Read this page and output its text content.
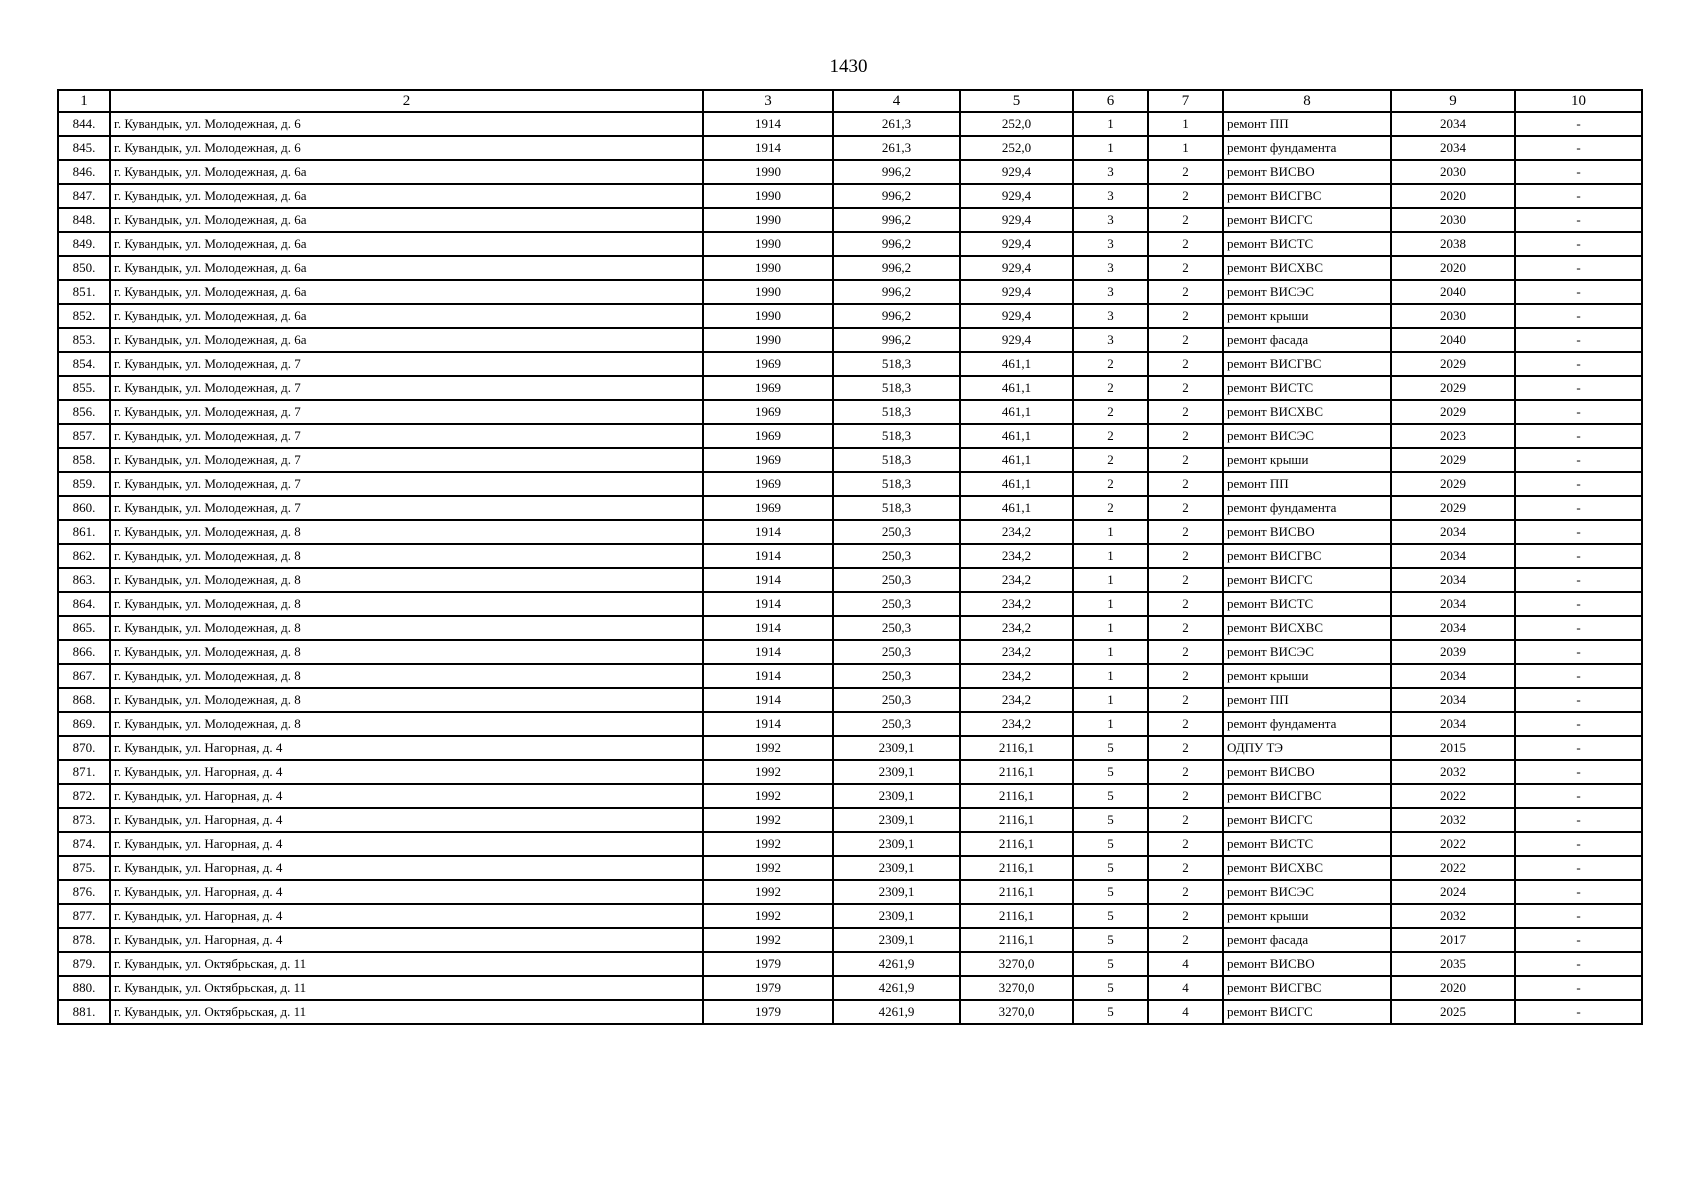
1430
1	2	3	4	5	6	7	8	9	10
844.	г. Кувандык, ул. Молодежная, д. 6	1914	261,3	252,0	1	1	ремонт ПП	2034	-
845.	г. Кувандык, ул. Молодежная, д. 6	1914	261,3	252,0	1	1	ремонт фундамента	2034	-
846.	г. Кувандык, ул. Молодежная, д. 6а	1990	996,2	929,4	3	2	ремонт ВИСВО	2030	-
847.	г. Кувандык, ул. Молодежная, д. 6а	1990	996,2	929,4	3	2	ремонт ВИСГВС	2020	-
848.	г. Кувандык, ул. Молодежная, д. 6а	1990	996,2	929,4	3	2	ремонт ВИСГС	2030	-
849.	г. Кувандык, ул. Молодежная, д. 6а	1990	996,2	929,4	3	2	ремонт ВИСТС	2038	-
850.	г. Кувандык, ул. Молодежная, д. 6а	1990	996,2	929,4	3	2	ремонт ВИСХВС	2020	-
851.	г. Кувандык, ул. Молодежная, д. 6а	1990	996,2	929,4	3	2	ремонт ВИСЭС	2040	-
852.	г. Кувандык, ул. Молодежная, д. 6а	1990	996,2	929,4	3	2	ремонт крыши	2030	-
853.	г. Кувандык, ул. Молодежная, д. 6а	1990	996,2	929,4	3	2	ремонт фасада	2040	-
854.	г. Кувандык, ул. Молодежная, д. 7	1969	518,3	461,1	2	2	ремонт ВИСГВС	2029	-
855.	г. Кувандык, ул. Молодежная, д. 7	1969	518,3	461,1	2	2	ремонт ВИСТС	2029	-
856.	г. Кувандык, ул. Молодежная, д. 7	1969	518,3	461,1	2	2	ремонт ВИСХВС	2029	-
857.	г. Кувандык, ул. Молодежная, д. 7	1969	518,3	461,1	2	2	ремонт ВИСЭС	2023	-
858.	г. Кувандык, ул. Молодежная, д. 7	1969	518,3	461,1	2	2	ремонт крыши	2029	-
859.	г. Кувандык, ул. Молодежная, д. 7	1969	518,3	461,1	2	2	ремонт ПП	2029	-
860.	г. Кувандык, ул. Молодежная, д. 7	1969	518,3	461,1	2	2	ремонт фундамента	2029	-
861.	г. Кувандык, ул. Молодежная, д. 8	1914	250,3	234,2	1	2	ремонт ВИСВО	2034	-
862.	г. Кувандык, ул. Молодежная, д. 8	1914	250,3	234,2	1	2	ремонт ВИСГВС	2034	-
863.	г. Кувандык, ул. Молодежная, д. 8	1914	250,3	234,2	1	2	ремонт ВИСГС	2034	-
864.	г. Кувандык, ул. Молодежная, д. 8	1914	250,3	234,2	1	2	ремонт ВИСТС	2034	-
865.	г. Кувандык, ул. Молодежная, д. 8	1914	250,3	234,2	1	2	ремонт ВИСХВС	2034	-
866.	г. Кувандык, ул. Молодежная, д. 8	1914	250,3	234,2	1	2	ремонт ВИСЭС	2039	-
867.	г. Кувандык, ул. Молодежная, д. 8	1914	250,3	234,2	1	2	ремонт крыши	2034	-
868.	г. Кувандык, ул. Молодежная, д. 8	1914	250,3	234,2	1	2	ремонт ПП	2034	-
869.	г. Кувандык, ул. Молодежная, д. 8	1914	250,3	234,2	1	2	ремонт фундамента	2034	-
870.	г. Кувандык, ул. Нагорная, д. 4	1992	2309,1	2116,1	5	2	ОДПУ ТЭ	2015	-
871.	г. Кувандык, ул. Нагорная, д. 4	1992	2309,1	2116,1	5	2	ремонт ВИСВО	2032	-
872.	г. Кувандык, ул. Нагорная, д. 4	1992	2309,1	2116,1	5	2	ремонт ВИСГВС	2022	-
873.	г. Кувандык, ул. Нагорная, д. 4	1992	2309,1	2116,1	5	2	ремонт ВИСГС	2032	-
874.	г. Кувандык, ул. Нагорная, д. 4	1992	2309,1	2116,1	5	2	ремонт ВИСТС	2022	-
875.	г. Кувандык, ул. Нагорная, д. 4	1992	2309,1	2116,1	5	2	ремонт ВИСХВС	2022	-
876.	г. Кувандык, ул. Нагорная, д. 4	1992	2309,1	2116,1	5	2	ремонт ВИСЭС	2024	-
877.	г. Кувандык, ул. Нагорная, д. 4	1992	2309,1	2116,1	5	2	ремонт крыши	2032	-
878.	г. Кувандык, ул. Нагорная, д. 4	1992	2309,1	2116,1	5	2	ремонт фасада	2017	-
879.	г. Кувандык, ул. Октябрьская, д. 11	1979	4261,9	3270,0	5	4	ремонт ВИСВО	2035	-
880.	г. Кувандык, ул. Октябрьская, д. 11	1979	4261,9	3270,0	5	4	ремонт ВИСГВС	2020	-
881.	г. Кувандык, ул. Октябрьская, д. 11	1979	4261,9	3270,0	5	4	ремонт ВИСГС	2025	-
